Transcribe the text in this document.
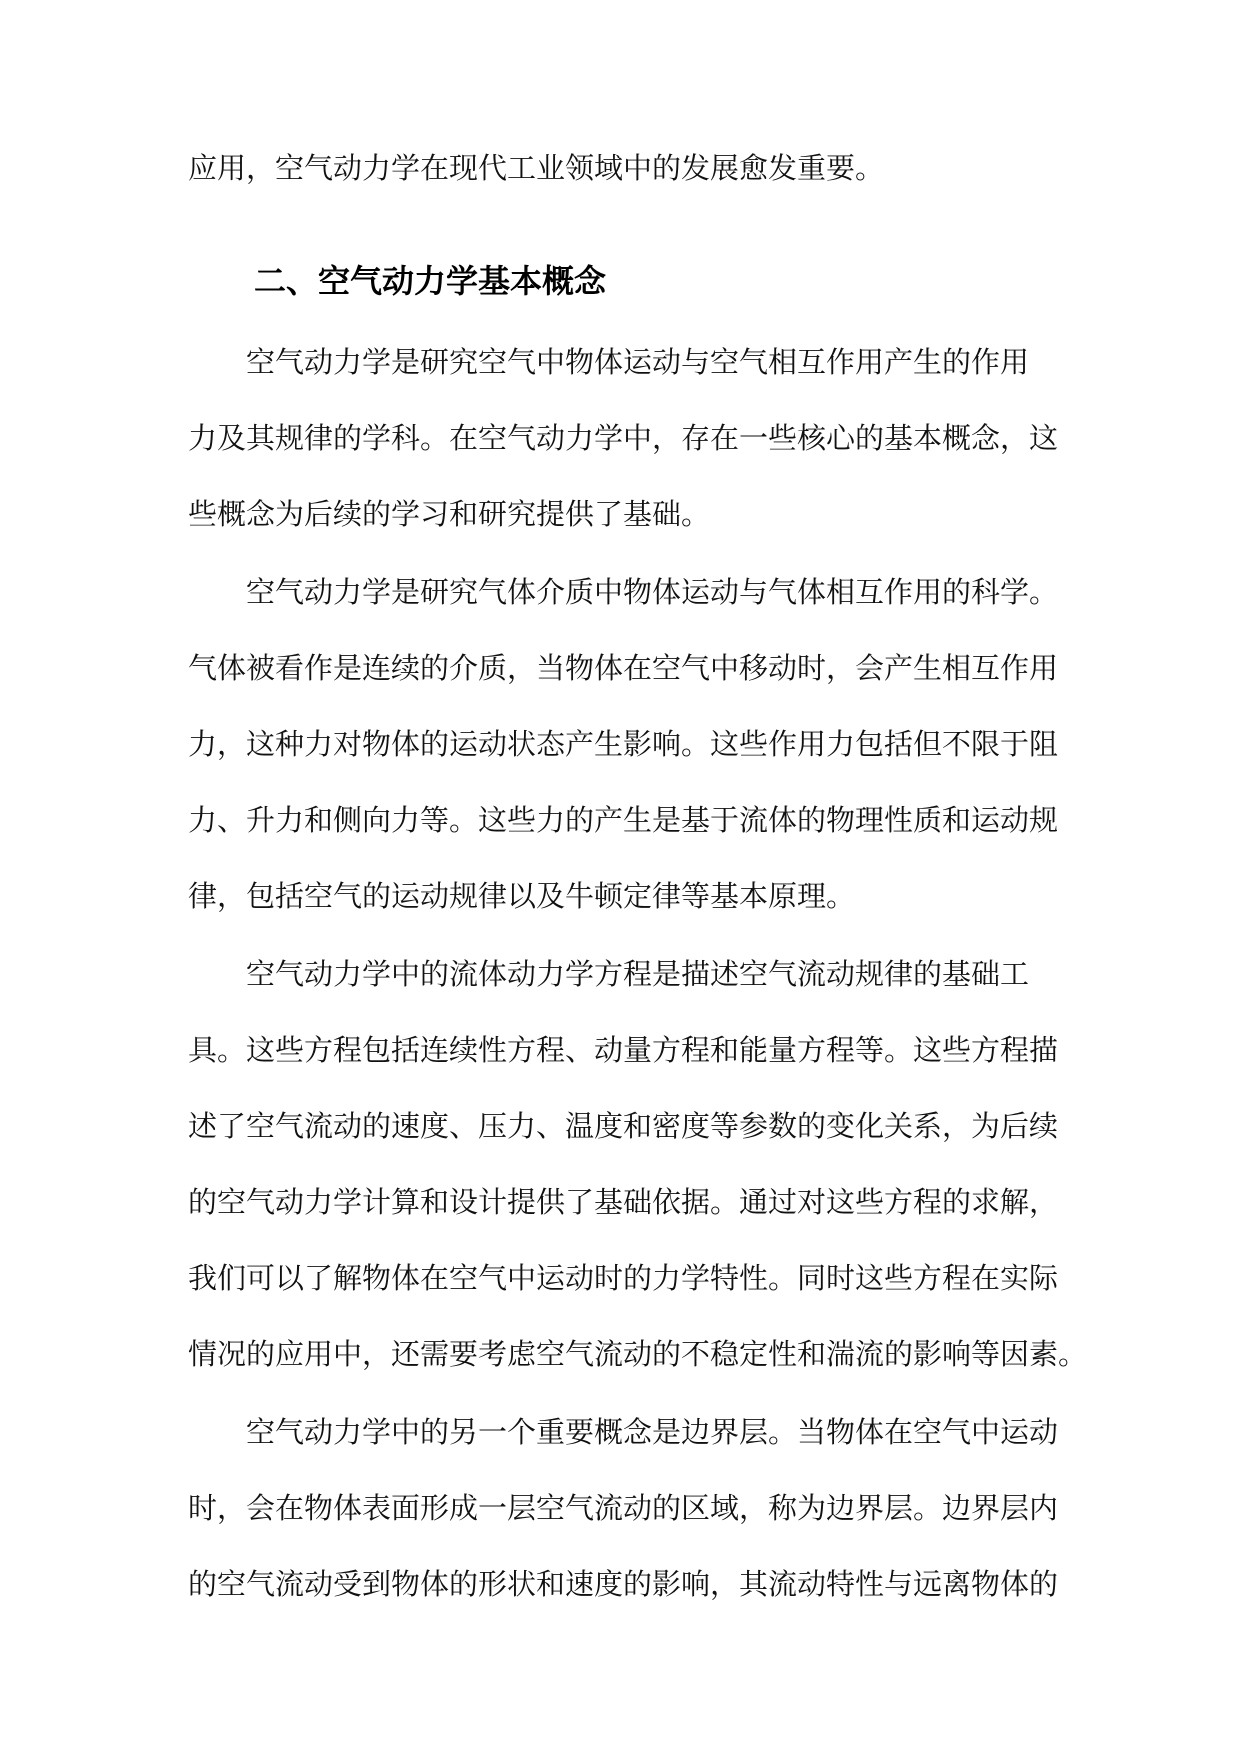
应用，空气动力学在现代工业领域中的发展愈发重要。
二、空气动力学基本概念
空气动力学是研究空气中物体运动与空气相互作用产生的作用
力及其规律的学科。在空气动力学中，存在一些核心的基本概念，这
些概念为后续的学习和研究提供了基础。
空气动力学是研究气体介质中物体运动与气体相互作用的科学。
气体被看作是连续的介质，当物体在空气中移动时，会产生相互作用
力，这种力对物体的运动状态产生影响。这些作用力包括但不限于阻
力、升力和侧向力等。这些力的产生是基于流体的物理性质和运动规
律，包括空气的运动规律以及牛顿定律等基本原理。
空气动力学中的流体动力学方程是描述空气流动规律的基础工
具。这些方程包括连续性方程、动量方程和能量方程等。这些方程描
述了空气流动的速度、压力、温度和密度等参数的变化关系，为后续
的空气动力学计算和设计提供了基础依据。通过对这些方程的求解，
我们可以了解物体在空气中运动时的力学特性。同时这些方程在实际
情况的应用中，还需要考虑空气流动的不稳定性和湍流的影响等因素。
空气动力学中的另一个重要概念是边界层。当物体在空气中运动
时，会在物体表面形成一层空气流动的区域，称为边界层。边界层内
的空气流动受到物体的形状和速度的影响，其流动特性与远离物体的
